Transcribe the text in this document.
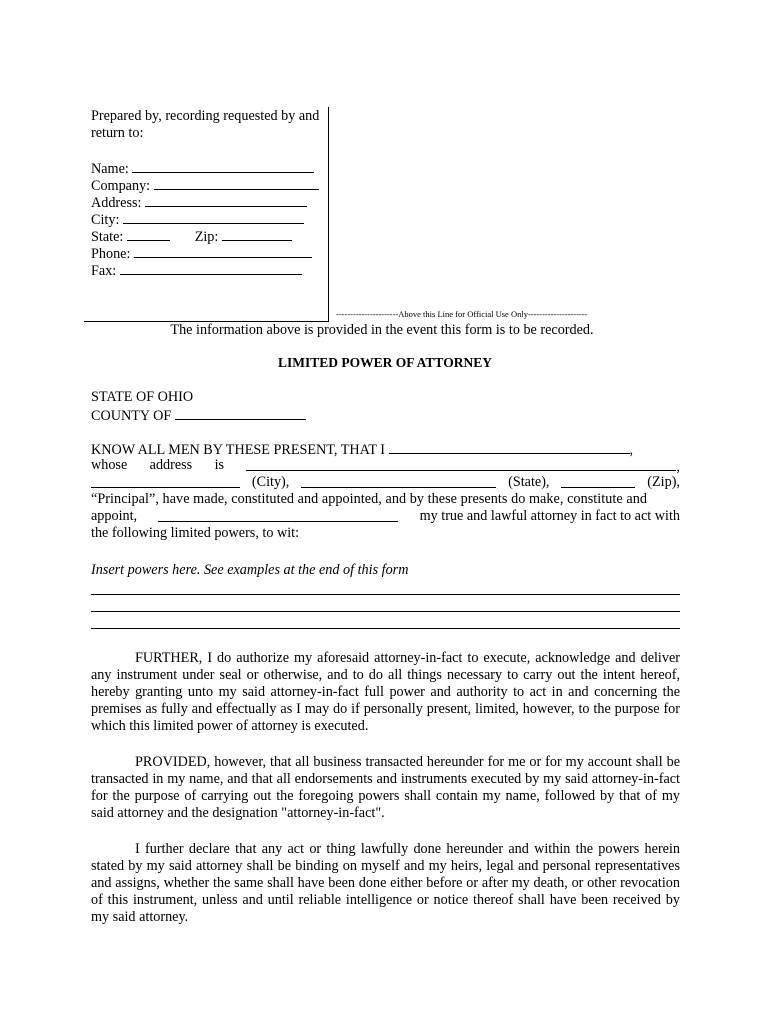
Prepared by, recording requested by and
return to:
Name:
Company:
Address:
City:
State:	Zip:
Phone:
Fax:
----------------------Above this Line for Official Use Only---------------------
The information above is provided in the event this form is to be recorded.
LIMITED POWER OF ATTORNEY
STATE OF OHIO
COUNTY OF
KNOW ALL MEN BY THESE PRESENT, THAT I	,
whose address is	,
(City),	(State),	(Zip),
“Principal”, have made, constituted and appointed, and by these presents do make, constitute and
appoint,	my true and lawful attorney in fact to act with
the following limited powers, to wit:
Insert powers here. See examples at the end of this form
FURTHER, I do authorize my aforesaid attorney-in-fact to execute, acknowledge and deliver any instrument under seal or otherwise, and to do all things necessary to carry out the intent hereof, hereby granting unto my said attorney-in-fact full power and authority to act in and concerning the premises as fully and effectually as I may do if personally present, limited, however, to the purpose for which this limited power of attorney is executed.
PROVIDED, however, that all business transacted hereunder for me or for my account shall be transacted in my name, and that all endorsements and instruments executed by my said attorney-in-fact for the purpose of carrying out the foregoing powers shall contain my name, followed by that of my said attorney and the designation "attorney-in-fact".
I further declare that any act or thing lawfully done hereunder and within the powers herein stated by my said attorney shall be binding on myself and my heirs, legal and personal representatives and assigns, whether the same shall have been done either before or after my death, or other revocation of this instrument, unless and until reliable intelligence or notice thereof shall have been received by my said attorney.
